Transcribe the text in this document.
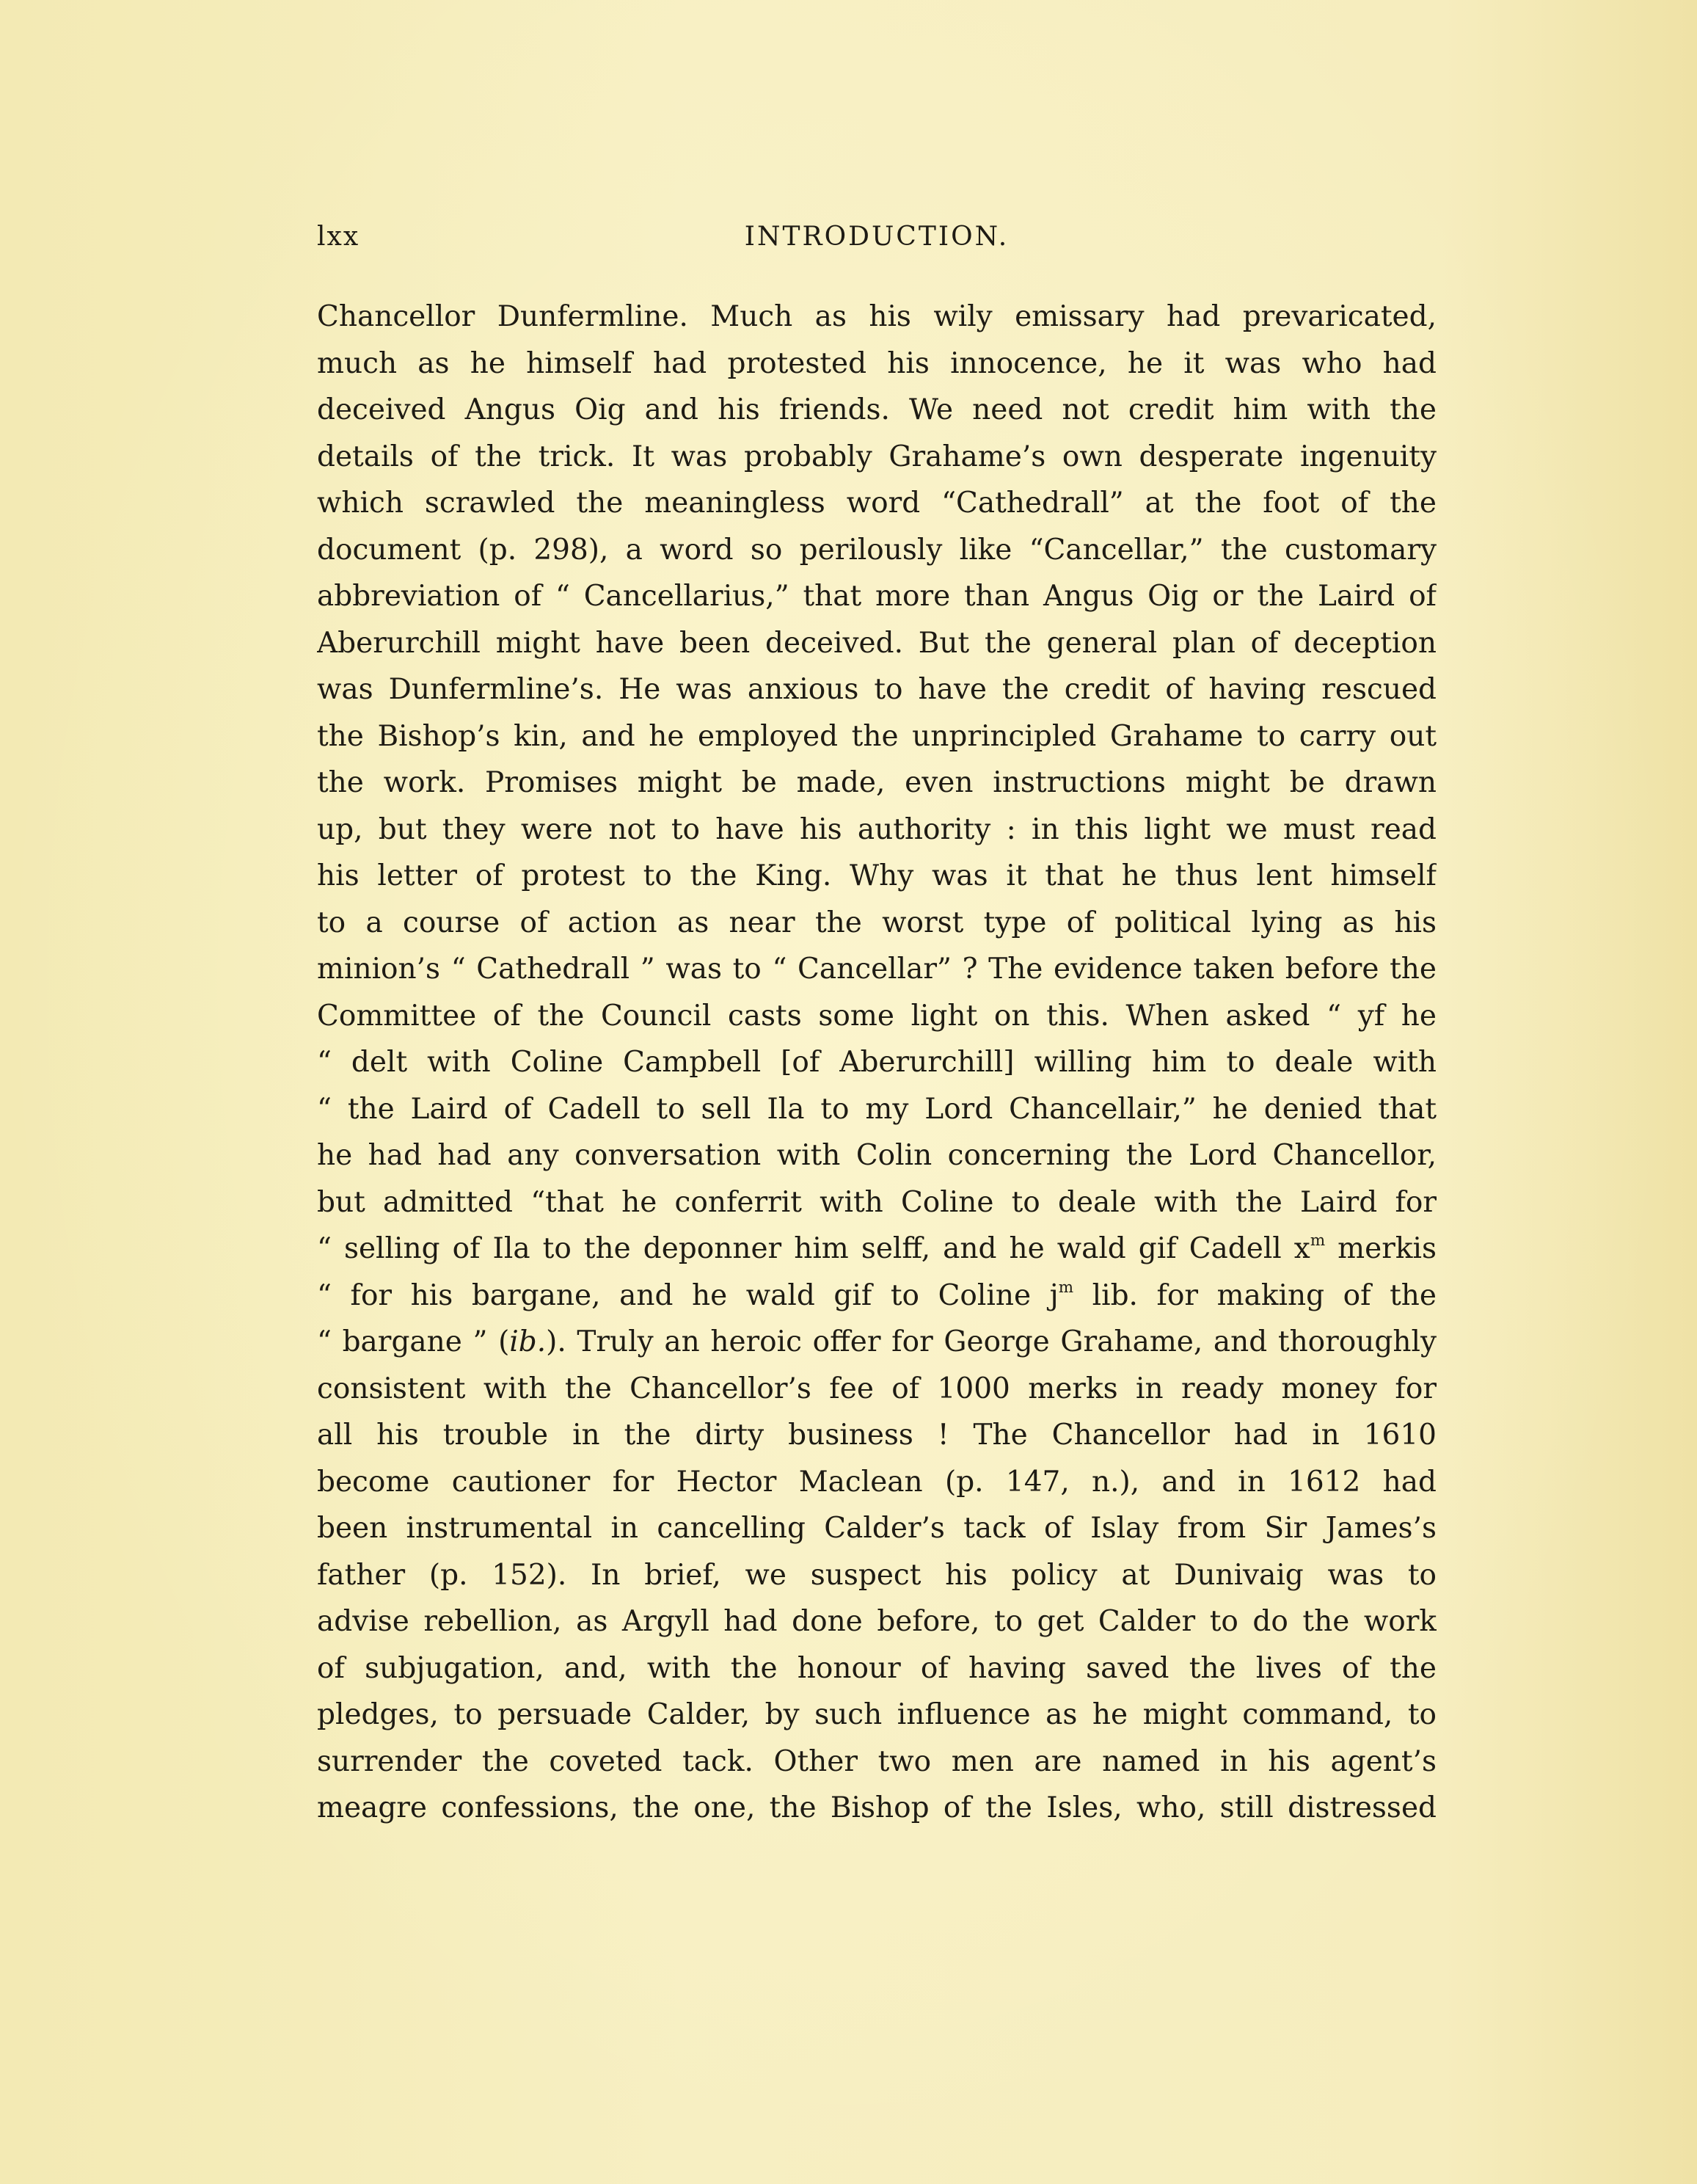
lxx	INTRODUCTION.
Chancellor Dunfermline. Much as his wily emissary had prevaricated,
much as he himself had protested his innocence, he it was who had
deceived Angus Oig and his friends. We need not credit him with the
details of the trick. It was probably Grahame’s own desperate ingenuity
which scrawled the meaningless word “Cathedrall” at the foot of the
document (p. 298), a word so perilously like “Cancellar,” the customary
abbreviation of “ Cancellarius,” that more than Angus Oig or the Laird of
Aberurchill might have been deceived. But the general plan of deception
was Dunfermline’s. He was anxious to have the credit of having rescued
the Bishop’s kin, and he employed the unprincipled Grahame to carry out
the work. Promises might be made, even instructions might be drawn
up, but they were not to have his authority : in this light we must read
his letter of protest to the King. Why was it that he thus lent himself
to a course of action as near the worst type of political lying as his
minion’s “ Cathedrall ” was to “ Cancellar” ? The evidence taken before the
Committee of the Council casts some light on this. When asked “ yf he
“ delt with Coline Campbell [of Aberurchill] willing him to deale with
“ the Laird of Cadell to sell Ila to my Lord Chancellair,” he denied that
he had had any conversation with Colin concerning the Lord Chancellor,
but admitted “that he conferrit with Coline to deale with the Laird for
“ selling of Ila to the deponner him selff, and he wald gif Cadell $x^m$ merkis
“ for his bargane, and he wald gif to Coline $j^m$ lib. for making of the
“ bargane ” (ib.). Truly an heroic offer for George Grahame, and thoroughly
consistent with the Chancellor’s fee of 1000 merks in ready money for
all his trouble in the dirty business ! The Chancellor had in 1610
become cautioner for Hector Maclean (p. 147, n.), and in 1612 had
been instrumental in cancelling Calder’s tack of Islay from Sir James’s
father (p. 152). In brief, we suspect his policy at Dunivaig was to
advise rebellion, as Argyll had done before, to get Calder to do the work
of subjugation, and, with the honour of having saved the lives of the
pledges, to persuade Calder, by such influence as he might command, to
surrender the coveted tack. Other two men are named in his agent’s
meagre confessions, the one, the Bishop of the Isles, who, still distressed
